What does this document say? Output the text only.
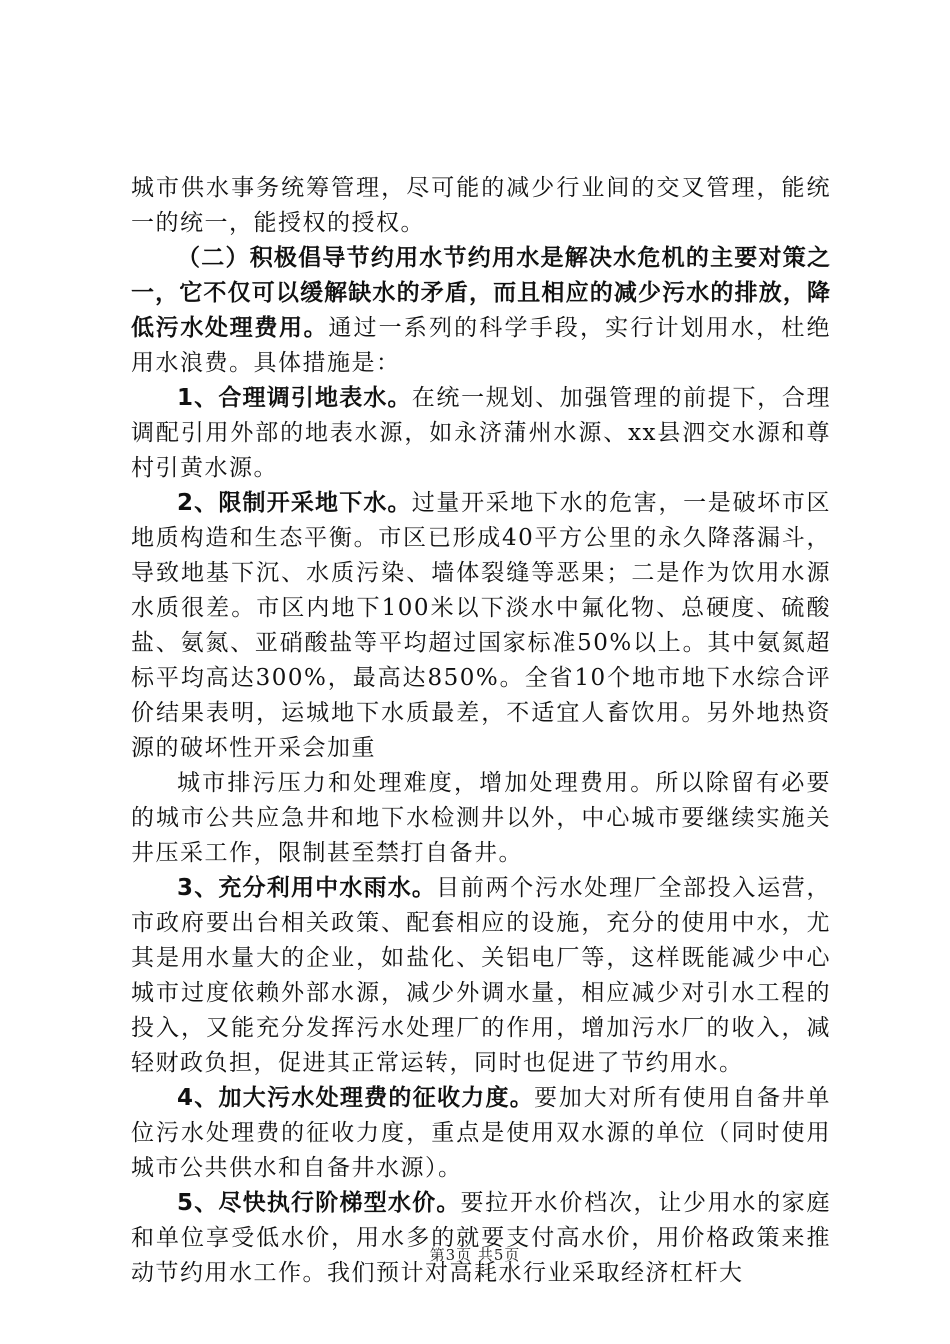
城市供水事务统筹管理，尽可能的减少行业间的交叉管理，能统一的统一，能授权的授权。

（二）积极倡导节约用水节约用水是解决水危机的主要对策之一，它不仅可以缓解缺水的矛盾，而且相应的减少污水的排放，降低污水处理费用。通过一系列的科学手段，实行计划用水，杜绝用水浪费。具体措施是：

1、合理调引地表水。在统一规划、加强管理的前提下，合理调配引用外部的地表水源，如永济蒲州水源、xx县泗交水源和尊村引黄水源。

2、限制开采地下水。过量开采地下水的危害，一是破坏市区地质构造和生态平衡。市区已形成40平方公里的永久降落漏斗，导致地基下沉、水质污染、墙体裂缝等恶果；二是作为饮用水源水质很差。市区内地下100米以下淡水中氟化物、总硬度、硫酸盐、氨氮、亚硝酸盐等平均超过国家标准50%以上。其中氨氮超标平均高达300%，最高达850%。全省10个地市地下水综合评价结果表明，运城地下水质最差，不适宜人畜饮用。另外地热资源的破坏性开采会加重

城市排污压力和处理难度，增加处理费用。所以除留有必要的城市公共应急井和地下水检测井以外，中心城市要继续实施关井压采工作，限制甚至禁打自备井。

3、充分利用中水雨水。目前两个污水处理厂全部投入运营，市政府要出台相关政策、配套相应的设施，充分的使用中水，尤其是用水量大的企业，如盐化、关铝电厂等，这样既能减少中心城市过度依赖外部水源，减少外调水量，相应减少对引水工程的投入，又能充分发挥污水处理厂的作用，增加污水厂的收入，减轻财政负担，促进其正常运转，同时也促进了节约用水。

4、加大污水处理费的征收力度。要加大对所有使用自备井单位污水处理费的征收力度，重点是使用双水源的单位（同时使用城市公共供水和自备井水源）。

5、尽快执行阶梯型水价。要拉开水价档次，让少用水的家庭和单位享受低水价，用水多的就要支付高水价，用价格政策来推动节约用水工作。我们预计对高耗水行业采取经济杠杆大

第3页 共5页
